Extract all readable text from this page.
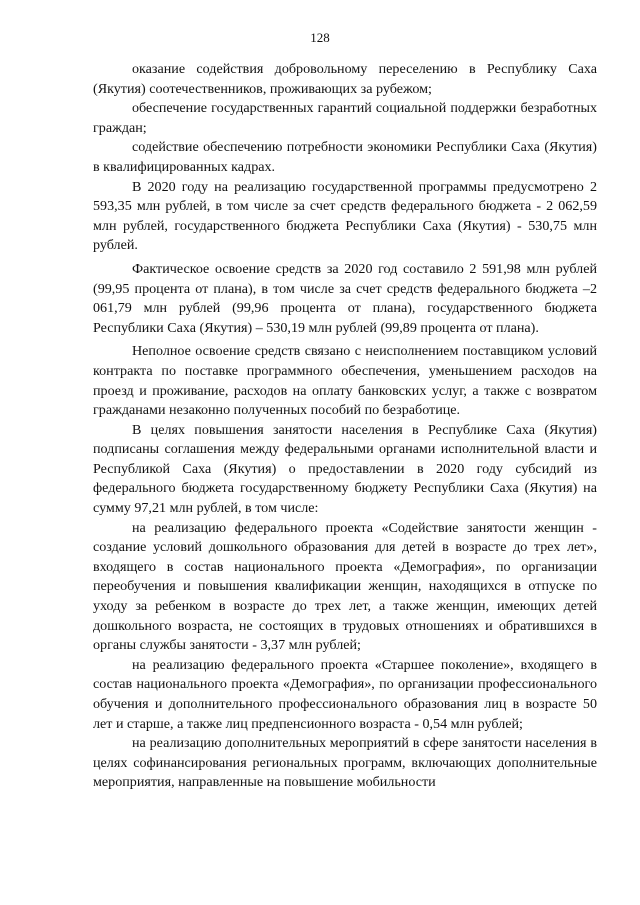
128

оказание содействия добровольному переселению в Республику Саха (Якутия) соотечественников, проживающих за рубежом;

обеспечение государственных гарантий социальной поддержки безработных граждан;

содействие обеспечению потребности экономики Республики Саха (Якутия) в квалифицированных кадрах.

В 2020 году на реализацию государственной программы предусмотрено 2 593,35 млн рублей, в том числе за счет средств федерального бюджета - 2 062,59 млн рублей, государственного бюджета Республики Саха (Якутия) - 530,75 млн рублей.

Фактическое освоение средств за 2020 год составило 2 591,98 млн рублей (99,95 процента от плана), в том числе за счет средств федерального бюджета –2 061,79 млн рублей (99,96 процента от плана), государственного бюджета Республики Саха (Якутия) – 530,19 млн рублей (99,89 процента от плана).

Неполное освоение средств связано с неисполнением поставщиком условий контракта по поставке программного обеспечения, уменьшением расходов на проезд и проживание, расходов на оплату банковских услуг, а также с возвратом гражданами незаконно полученных пособий по безработице.

В целях повышения занятости населения в Республике Саха (Якутия) подписаны соглашения между федеральными органами исполнительной власти и Республикой Саха (Якутия) о предоставлении в 2020 году субсидий из федерального бюджета государственному бюджету Республики Саха (Якутия) на сумму 97,21 млн рублей, в том числе:

на реализацию федерального проекта «Содействие занятости женщин - создание условий дошкольного образования для детей в возрасте до трех лет», входящего в состав национального проекта «Демография», по организации переобучения и повышения квалификации женщин, находящихся в отпуске по уходу за ребенком в возрасте до трех лет, а также женщин, имеющих детей дошкольного возраста, не состоящих в трудовых отношениях и обратившихся в органы службы занятости - 3,37 млн рублей;

на реализацию федерального проекта «Старшее поколение», входящего в состав национального проекта «Демография», по организации профессионального обучения и дополнительного профессионального образования лиц в возрасте 50 лет и старше, а также лиц предпенсионного возраста - 0,54 млн рублей;

на реализацию дополнительных мероприятий в сфере занятости населения в целях софинансирования региональных программ, включающих дополнительные мероприятия, направленные на повышение мобильности
